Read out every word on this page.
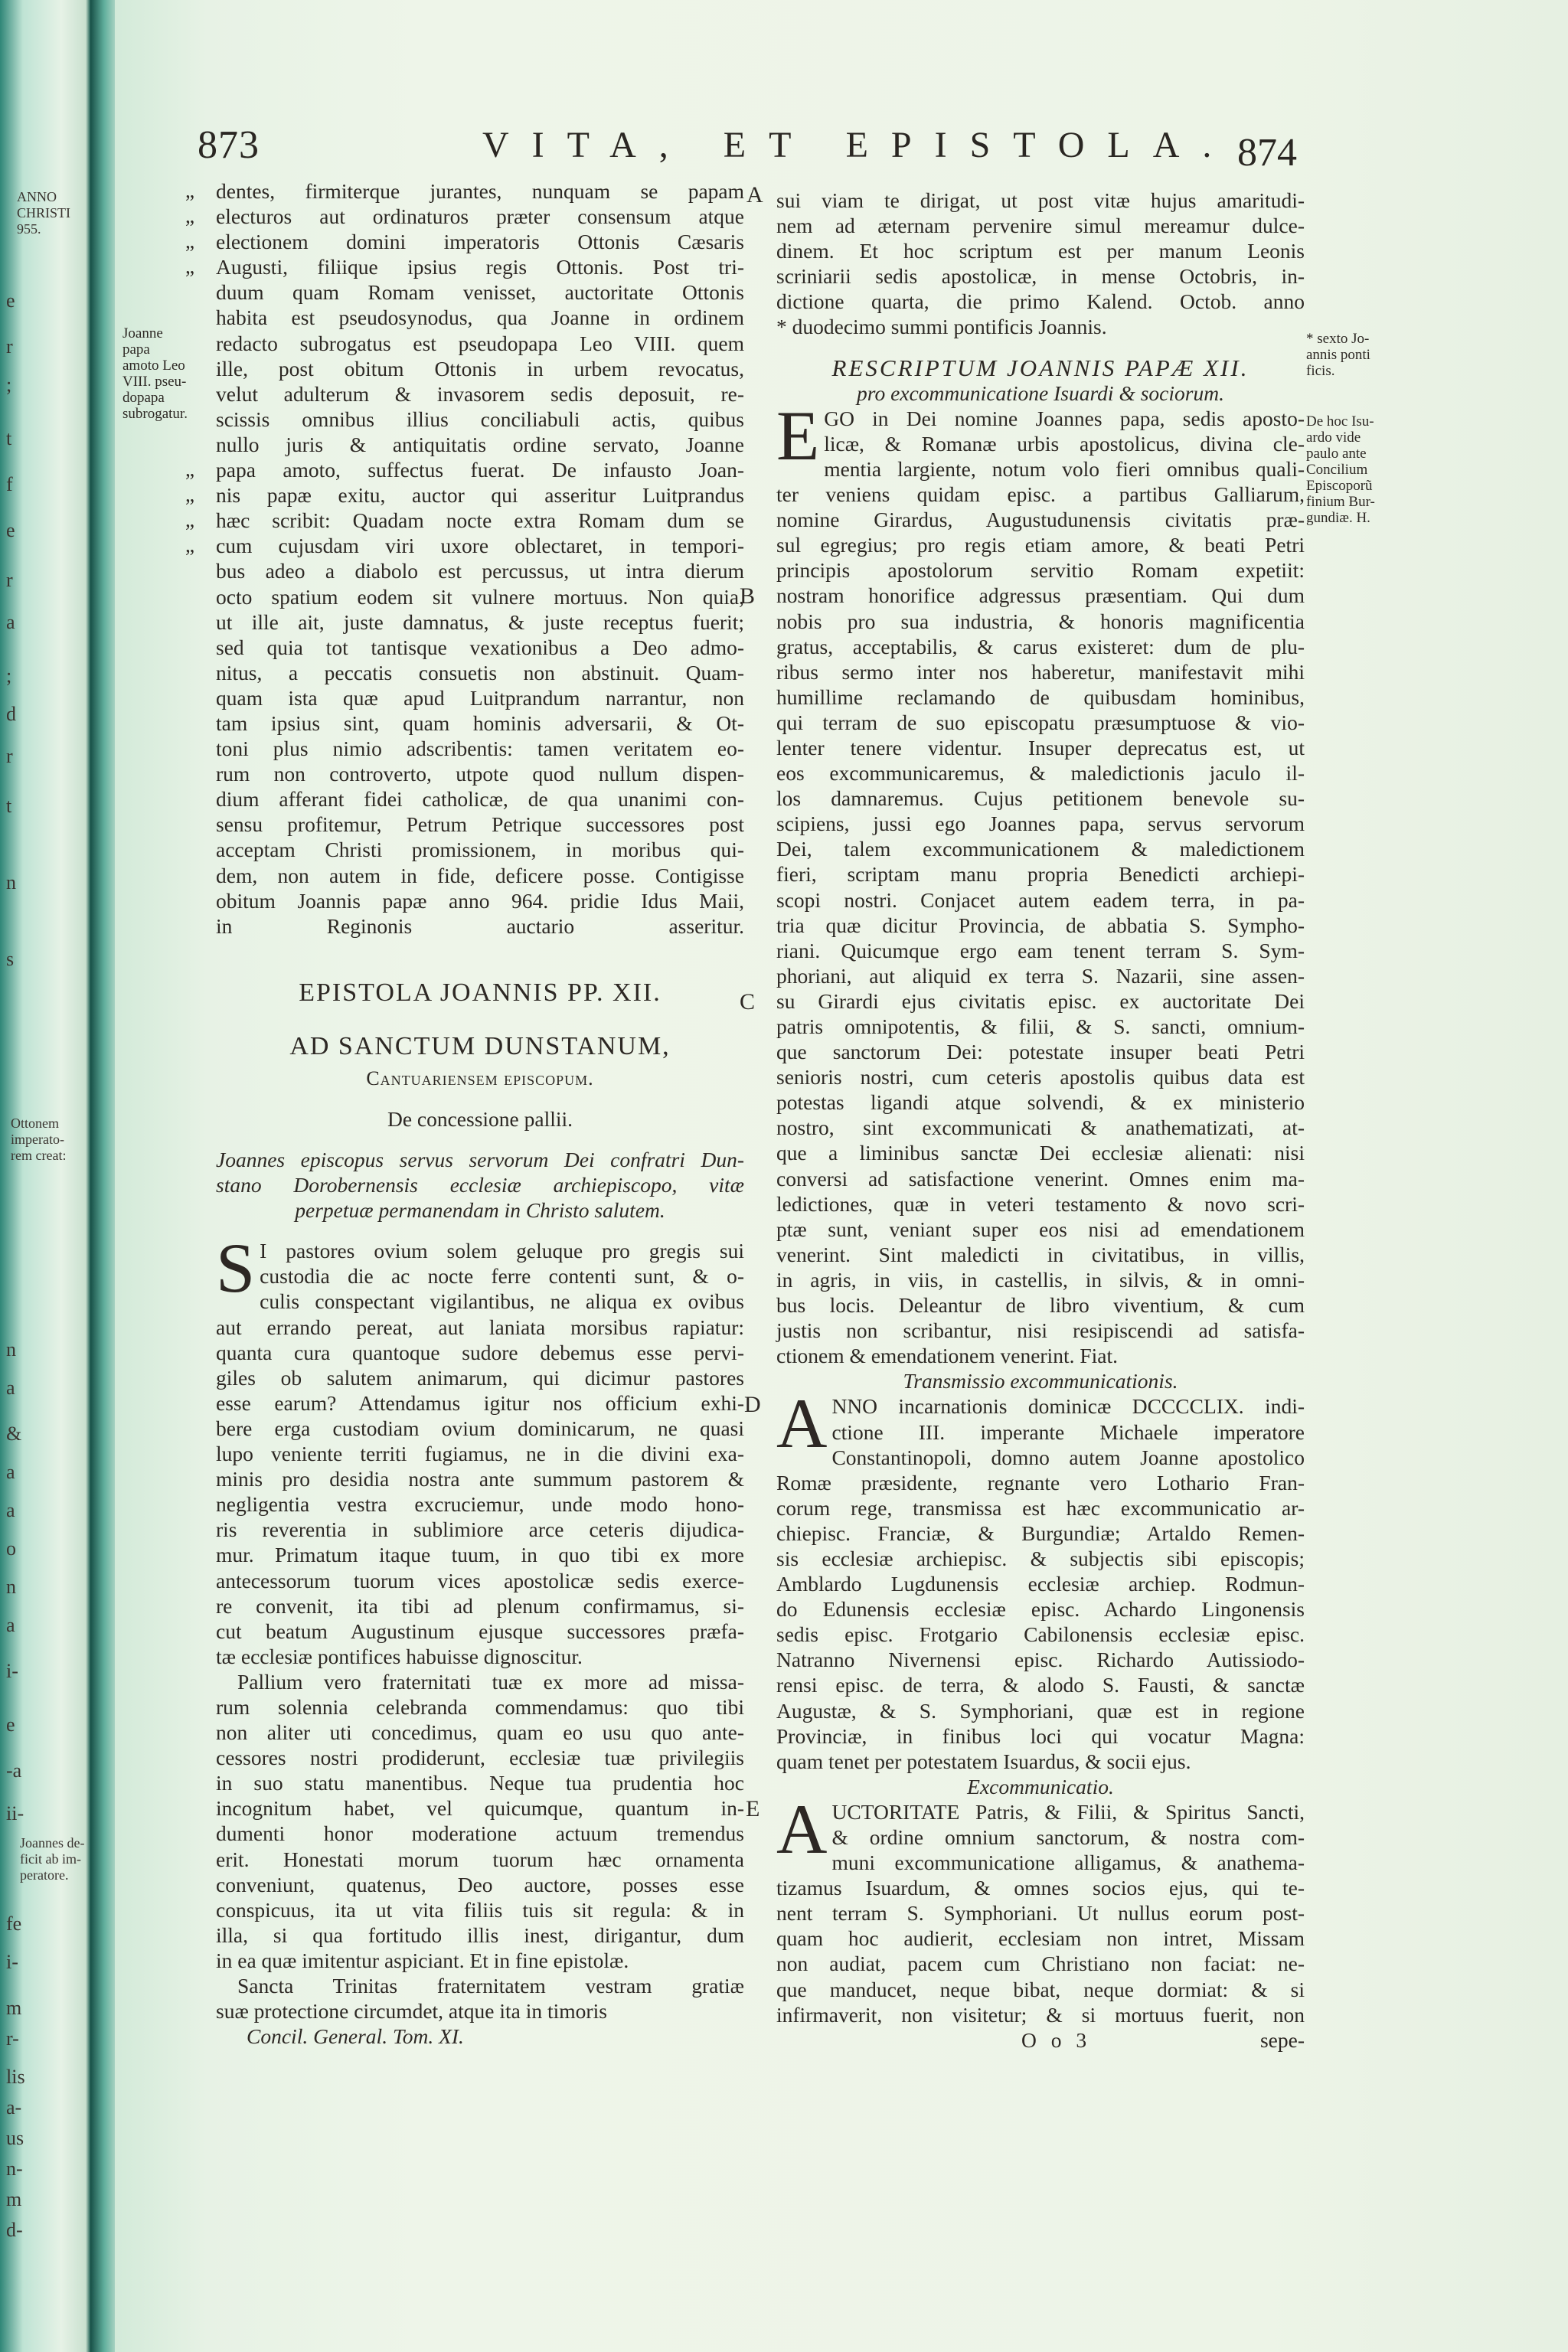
ANNO
CHRISTI
955.
Ottonem
imperato-
rem creat:
Joannes de-
ficit ab im-
peratore.
e
r
;
t
f
e
r
a
;
d
r
t
n
s
n
a
&
a
a
o
n
a
i-
e
-a
ii-
fe
i-
m
r-
lis
a-
us
n-
m
d-
873	VITA, ET EPISTOLA. 874
dentes, firmiterque jurantes, nunquam se papam
electuros aut ordinaturos præter consensum atque
electionem domini imperatoris Ottonis Cæsaris
Augusti, filiique ipsius regis Ottonis. Post tri-
duum quam Romam venisset, auctoritate Ottonis
habita est pseudosynodus, qua Joanne in ordinem
redacto subrogatus est pseudopapa Leo VIII. quem
ille, post obitum Ottonis in urbem revocatus,
velut adulterum & invasorem sedis deposuit, re-
scissis omnibus illius conciliabuli actis, quibus
nullo juris & antiquitatis ordine servato, Joanne
papa amoto, suffectus fuerat. De infausto Joan-
nis papæ exitu, auctor qui asseritur Luitprandus
hæc scribit: Quadam nocte extra Romam dum se
cum cujusdam viri uxore oblectaret, in tempori-
bus adeo a diabolo est percussus, ut intra dierum
octo spatium eodem sit vulnere mortuus. Non quia,
ut ille ait, juste damnatus, & juste receptus fuerit;
sed quia tot tantisque vexationibus a Deo admo-
nitus, a peccatis consuetis non abstinuit. Quam-
quam ista quæ apud Luitprandum narrantur, non
tam ipsius sint, quam hominis adversarii, & Ot-
toni plus nimio adscribentis: tamen veritatem eo-
rum non controverto, utpote quod nullum dispen-
dium afferant fidei catholicæ, de qua unanimi con-
sensu profitemur, Petrum Petrique successores post
acceptam Christi promissionem, in moribus qui-
dem, non autem in fide, deficere posse. Contigisse
obitum Joannis papæ anno 964. pridie Idus Maii,
in Reginonis auctario asseritur.
EPISTOLA JOANNIS PP. XII.
AD SANCTUM DUNSTANUM,
Cantuariensem episcopum.
De concessione pallii.
Joannes episcopus servus servorum Dei confratri Dun-
stano Dorobernensis ecclesiæ archiepiscopo, vitæ
perpetuæ permanendam in Christo salutem.
S I pastores ovium solem geluque pro gregis sui
custodia die ac nocte ferre contenti sunt, & o-
culis conspectant vigilantibus, ne aliqua ex ovibus
aut errando pereat, aut laniata morsibus rapiatur:
quanta cura quantoque sudore debemus esse pervi-
giles ob salutem animarum, qui dicimur pastores
esse earum? Attendamus igitur nos officium exhi-
bere erga custodiam ovium dominicarum, ne quasi
lupo veniente territi fugiamus, ne in die divini exa-
minis pro desidia nostra ante summum pastorem &
negligentia vestra excruciemur, unde modo hono-
ris reverentia in sublimiore arce ceteris dijudica-
mur. Primatum itaque tuum, in quo tibi ex more
antecessorum tuorum vices apostolicæ sedis exerce-
re convenit, ita tibi ad plenum confirmamus, si-
cut beatum Augustinum ejusque successores præfa-
tæ ecclesiæ pontifices habuisse dignoscitur.
Pallium vero fraternitati tuæ ex more ad missa-
rum solennia celebranda commendamus: quo tibi
non aliter uti concedimus, quam eo usu quo ante-
cessores nostri prodiderunt, ecclesiæ tuæ privilegiis
in suo statu manentibus. Neque tua prudentia hoc
incognitum habet, vel quicumque, quantum in-
dumenti honor moderatione actuum tremendus
erit. Honestati morum tuorum hæc ornamenta
conveniunt, quatenus, Deo auctore, posses esse
conspicuus, ita ut vita filiis tuis sit regula: & in
illa, si qua fortitudo illis inest, dirigantur, dum
in ea quæ imitentur aspiciant. Et in fine epistolæ.
Sancta Trinitas fraternitatem vestram gratiæ
suæ protectione circumdet, atque ita in timoris
Concil. General. Tom. XI.
„
„
„
„
„
„
„
„
Joanne papa
amoto Leo
VIII. pseu-
dopapa
subrogatur.
sui viam te dirigat, ut post vitæ hujus amaritudi-
nem ad æternam pervenire simul mereamur dulce-
dinem. Et hoc scriptum est per manum Leonis
scriniarii sedis apostolicæ, in mense Octobris, in-
dictione quarta, die primo Kalend. Octob. anno
* duodecimo summi pontificis Joannis.
RESCRIPTUM JOANNIS PAPÆ XII.
pro excommunicatione Isuardi & sociorum.
E GO in Dei nomine Joannes papa, sedis aposto-
licæ, & Romanæ urbis apostolicus, divina cle-
mentia largiente, notum volo fieri omnibus quali-
ter veniens quidam episc. a partibus Galliarum,
nomine Girardus, Augustudunensis civitatis præ-
sul egregius; pro regis etiam amore, & beati Petri
principis apostolorum servitio Romam expetiit:
nostram honorifice adgressus præsentiam. Qui dum
nobis pro sua industria, & honoris magnificentia
gratus, acceptabilis, & carus existeret: dum de plu-
ribus sermo inter nos haberetur, manifestavit mihi
humillime reclamando de quibusdam hominibus,
qui terram de suo episcopatu præsumptuose & vio-
lenter tenere videntur. Insuper deprecatus est, ut
eos excommunicaremus, & maledictionis jaculo il-
los damnaremus. Cujus petitionem benevole su-
scipiens, jussi ego Joannes papa, servus servorum
Dei, talem excommunicationem & maledictionem
fieri, scriptam manu propria Benedicti archiepi-
scopi nostri. Conjacet autem eadem terra, in pa-
tria quæ dicitur Provincia, de abbatia S. Sympho-
riani. Quicumque ergo eam tenent terram S. Sym-
phoriani, aut aliquid ex terra S. Nazarii, sine assen-
su Girardi ejus civitatis episc. ex auctoritate Dei
patris omnipotentis, & filii, & S. sancti, omnium-
que sanctorum Dei: potestate insuper beati Petri
senioris nostri, cum ceteris apostolis quibus data est
potestas ligandi atque solvendi, & ex ministerio
nostro, sint excommunicati & anathematizati, at-
que a liminibus sanctæ Dei ecclesiæ alienati: nisi
conversi ad satisfactione venerint. Omnes enim ma-
ledictiones, quæ in veteri testamento & novo scri-
ptæ sunt, veniant super eos nisi ad emendationem
venerint. Sint maledicti in civitatibus, in villis,
in agris, in viis, in castellis, in silvis, & in omni-
bus locis. Deleantur de libro viventium, & cum
justis non scribantur, nisi resipiscendi ad satisfa-
ctionem & emendationem venerint. Fiat.
Transmissio excommunicationis.
A NNO incarnationis dominicæ DCCCCLIX. indi-
ctione III. imperante Michaele imperatore
Constantinopoli, domno autem Joanne apostolico
Romæ præsidente, regnante vero Lothario Fran-
corum rege, transmissa est hæc excommunicatio ar-
chiepisc. Franciæ, & Burgundiæ; Artaldo Remen-
sis ecclesiæ archiepisc. & subjectis sibi episcopis;
Amblardo Lugdunensis ecclesiæ archiep. Rodmun-
do Edunensis ecclesiæ episc. Achardo Lingonensis
sedis episc. Frotgario Cabilonensis ecclesiæ episc.
Natranno Nivernensi episc. Richardo Autissiodo-
rensi episc. de terra, & alodo S. Fausti, & sanctæ
Augustæ, & S. Symphoriani, quæ est in regione
Provinciæ, in finibus loci qui vocatur Magna:
quam tenet per potestatem Isuardus, & socii ejus.
Excommunicatio.
A UCTORITATE Patris, & Filii, & Spiritus Sancti,
& ordine omnium sanctorum, & nostra com-
muni excommunicatione alligamus, & anathema-
tizamus Isuardum, & omnes socios ejus, qui te-
nent terram S. Symphoriani. Ut nullus eorum post-
quam hoc audierit, ecclesiam non intret, Missam
non audiat, pacem cum Christiano non faciat: ne-
que manducet, neque bibat, neque dormiat: & si
infirmaverit, non visitetur; & si mortuus fuerit, non
O o 3	sepe-
* sexto Jo-
annis ponti
ficis.
De hoc Isu-
ardo vide
paulo ante
Concilium
Episcoporũ
finium Bur-
gundiæ. H.
A
B
C
D
E
